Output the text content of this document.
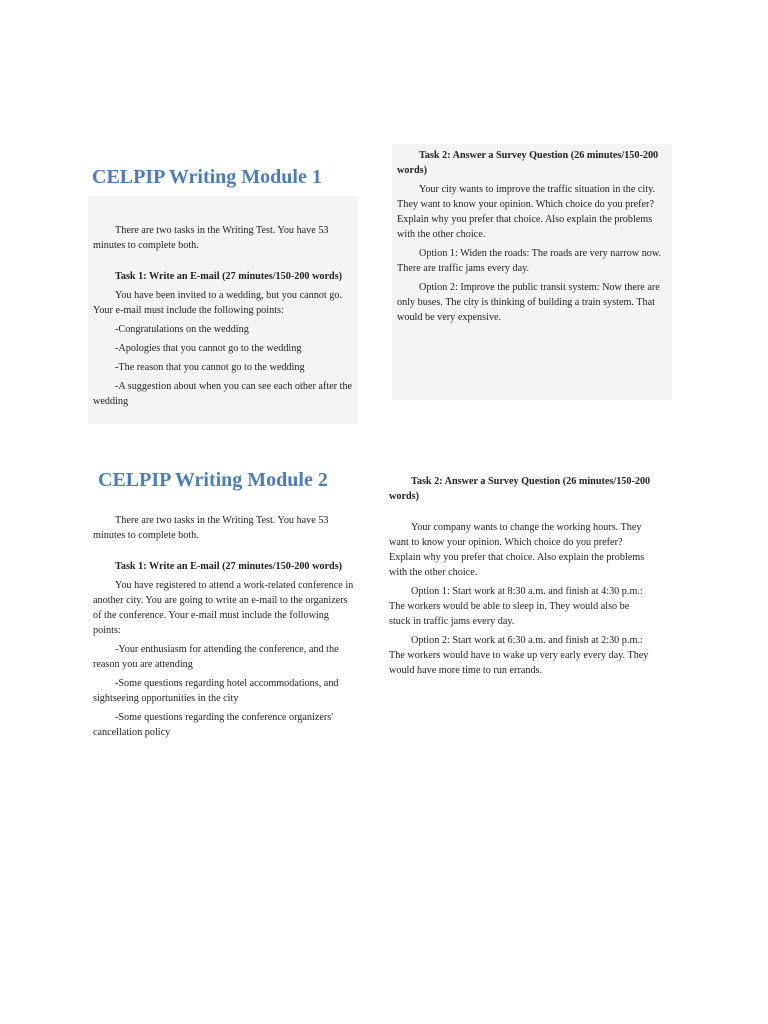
CELPIP Writing Module 1

There are two tasks in the Writing Test. You have 53 minutes to complete both.

Task 1: Write an E-mail (27 minutes/150-200 words)

You have been invited to a wedding, but you cannot go. Your e-mail must include the following points:

-Congratulations on the wedding

-Apologies that you cannot go to the wedding

-The reason that you cannot go to the wedding

-A suggestion about when you can see each other after the wedding

Task 2: Answer a Survey Question (26 minutes/150-200 words)

Your city wants to improve the traffic situation in the city. They want to know your opinion. Which choice do you prefer? Explain why you prefer that choice. Also explain the problems with the other choice.

Option 1: Widen the roads: The roads are very narrow now. There are traffic jams every day.

Option 2: Improve the public transit system: Now there are only buses. The city is thinking of building a train system. That would be very expensive.

CELPIP Writing Module 2

There are two tasks in the Writing Test. You have 53 minutes to complete both.

Task 1: Write an E-mail (27 minutes/150-200 words)

You have registered to attend a work-related conference in another city. You are going to write an e-mail to the organizers of the conference. Your e-mail must include the following points:

-Your enthusiasm for attending the conference, and the reason you are attending

-Some questions regarding hotel accommodations, and sightseeing opportunities in the city

-Some questions regarding the conference organizers' cancellation policy

Task 2: Answer a Survey Question (26 minutes/150-200 words)

Your company wants to change the working hours. They want to know your opinion. Which choice do you prefer? Explain why you prefer that choice. Also explain the problems with the other choice.

Option 1: Start work at 8:30 a.m. and finish at 4:30 p.m.: The workers would be able to sleep in. They would also be stuck in traffic jams every day.

Option 2: Start work at 6:30 a.m. and finish at 2:30 p.m.: The workers would have to wake up very early every day. They would have more time to run errands.
